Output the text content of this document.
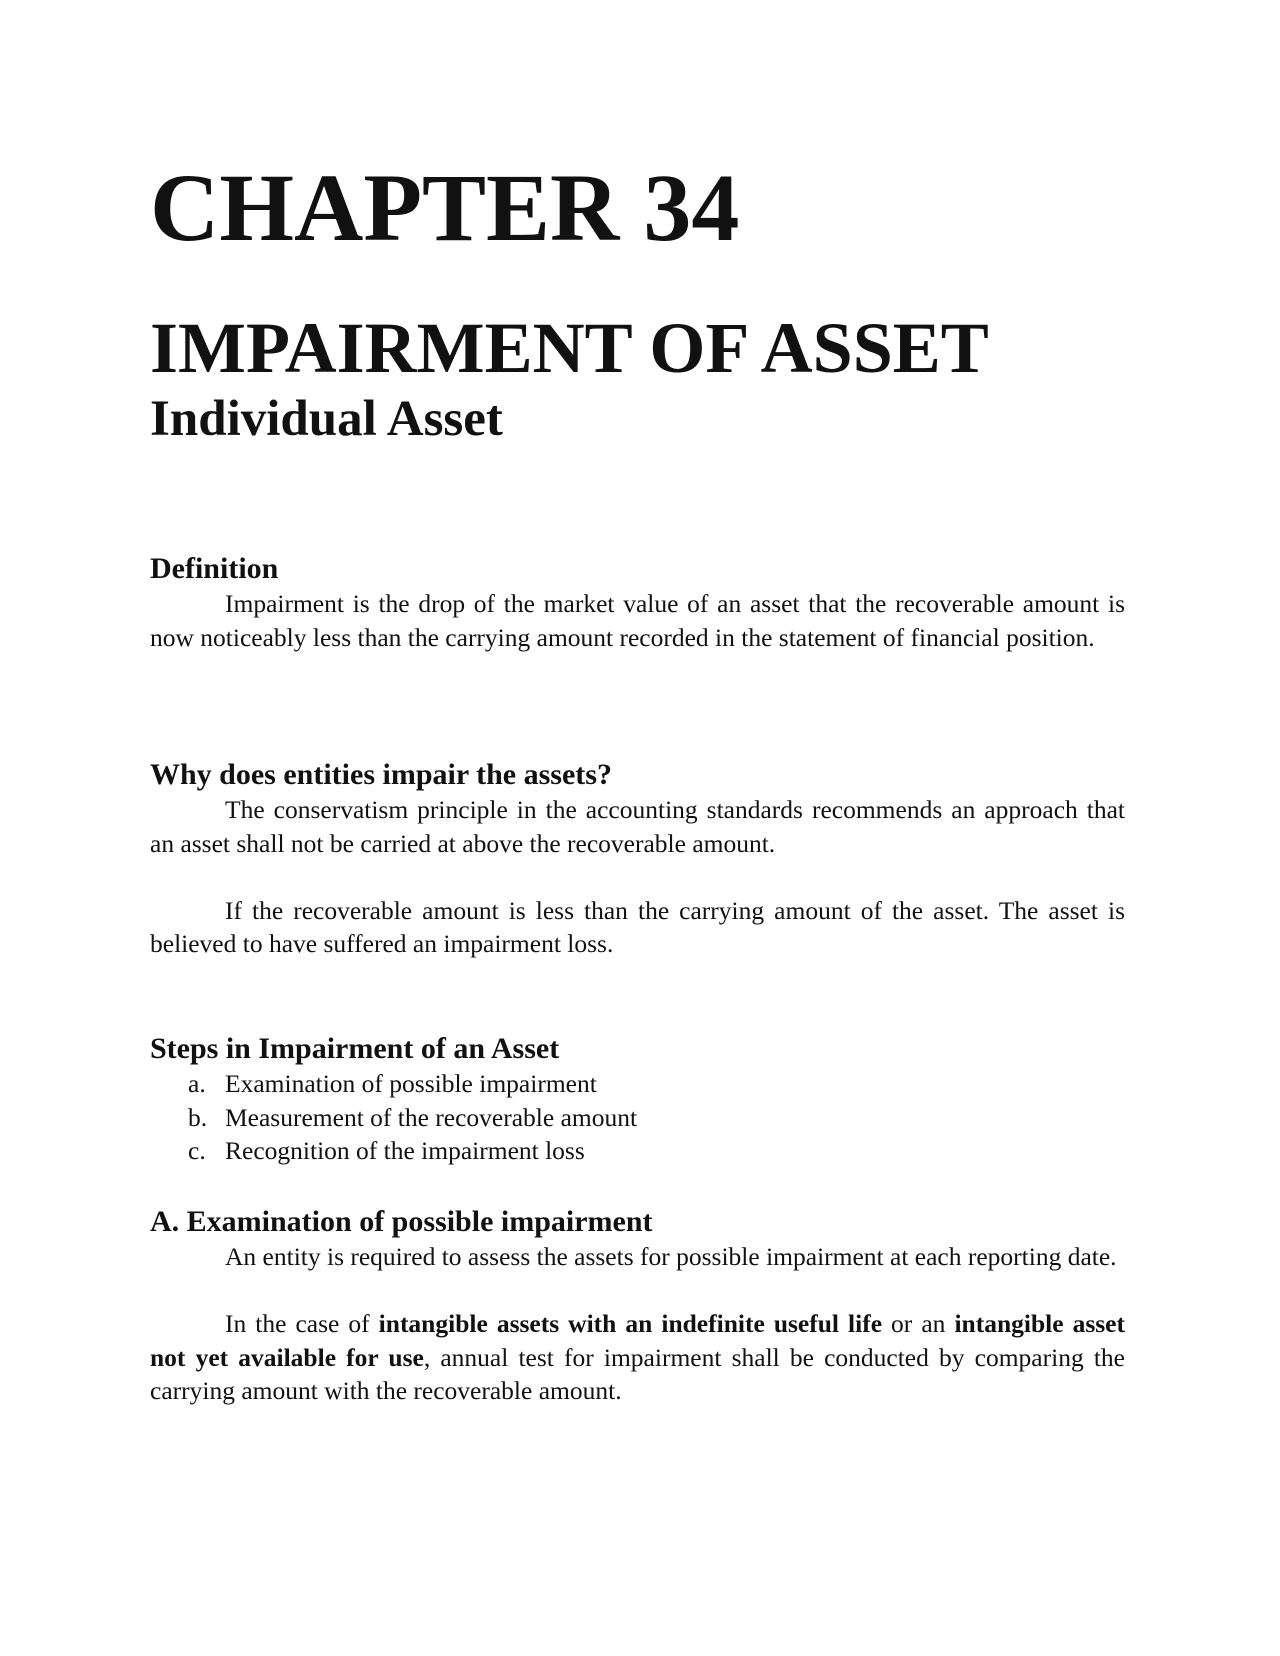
CHAPTER 34
IMPAIRMENT OF ASSET
Individual Asset

Definition

Impairment is the drop of the market value of an asset that the recoverable amount is now noticeably less than the carrying amount recorded in the statement of financial position.

Why does entities impair the assets?

The conservatism principle in the accounting standards recommends an approach that an asset shall not be carried at above the recoverable amount.

If the recoverable amount is less than the carrying amount of the asset. The asset is believed to have suffered an impairment loss.

Steps in Impairment of an Asset

a. Examination of possible impairment
b. Measurement of the recoverable amount
c. Recognition of the impairment loss

A. Examination of possible impairment

An entity is required to assess the assets for possible impairment at each reporting date.

In the case of intangible assets with an indefinite useful life or an intangible asset not yet available for use, annual test for impairment shall be conducted by comparing the carrying amount with the recoverable amount.
